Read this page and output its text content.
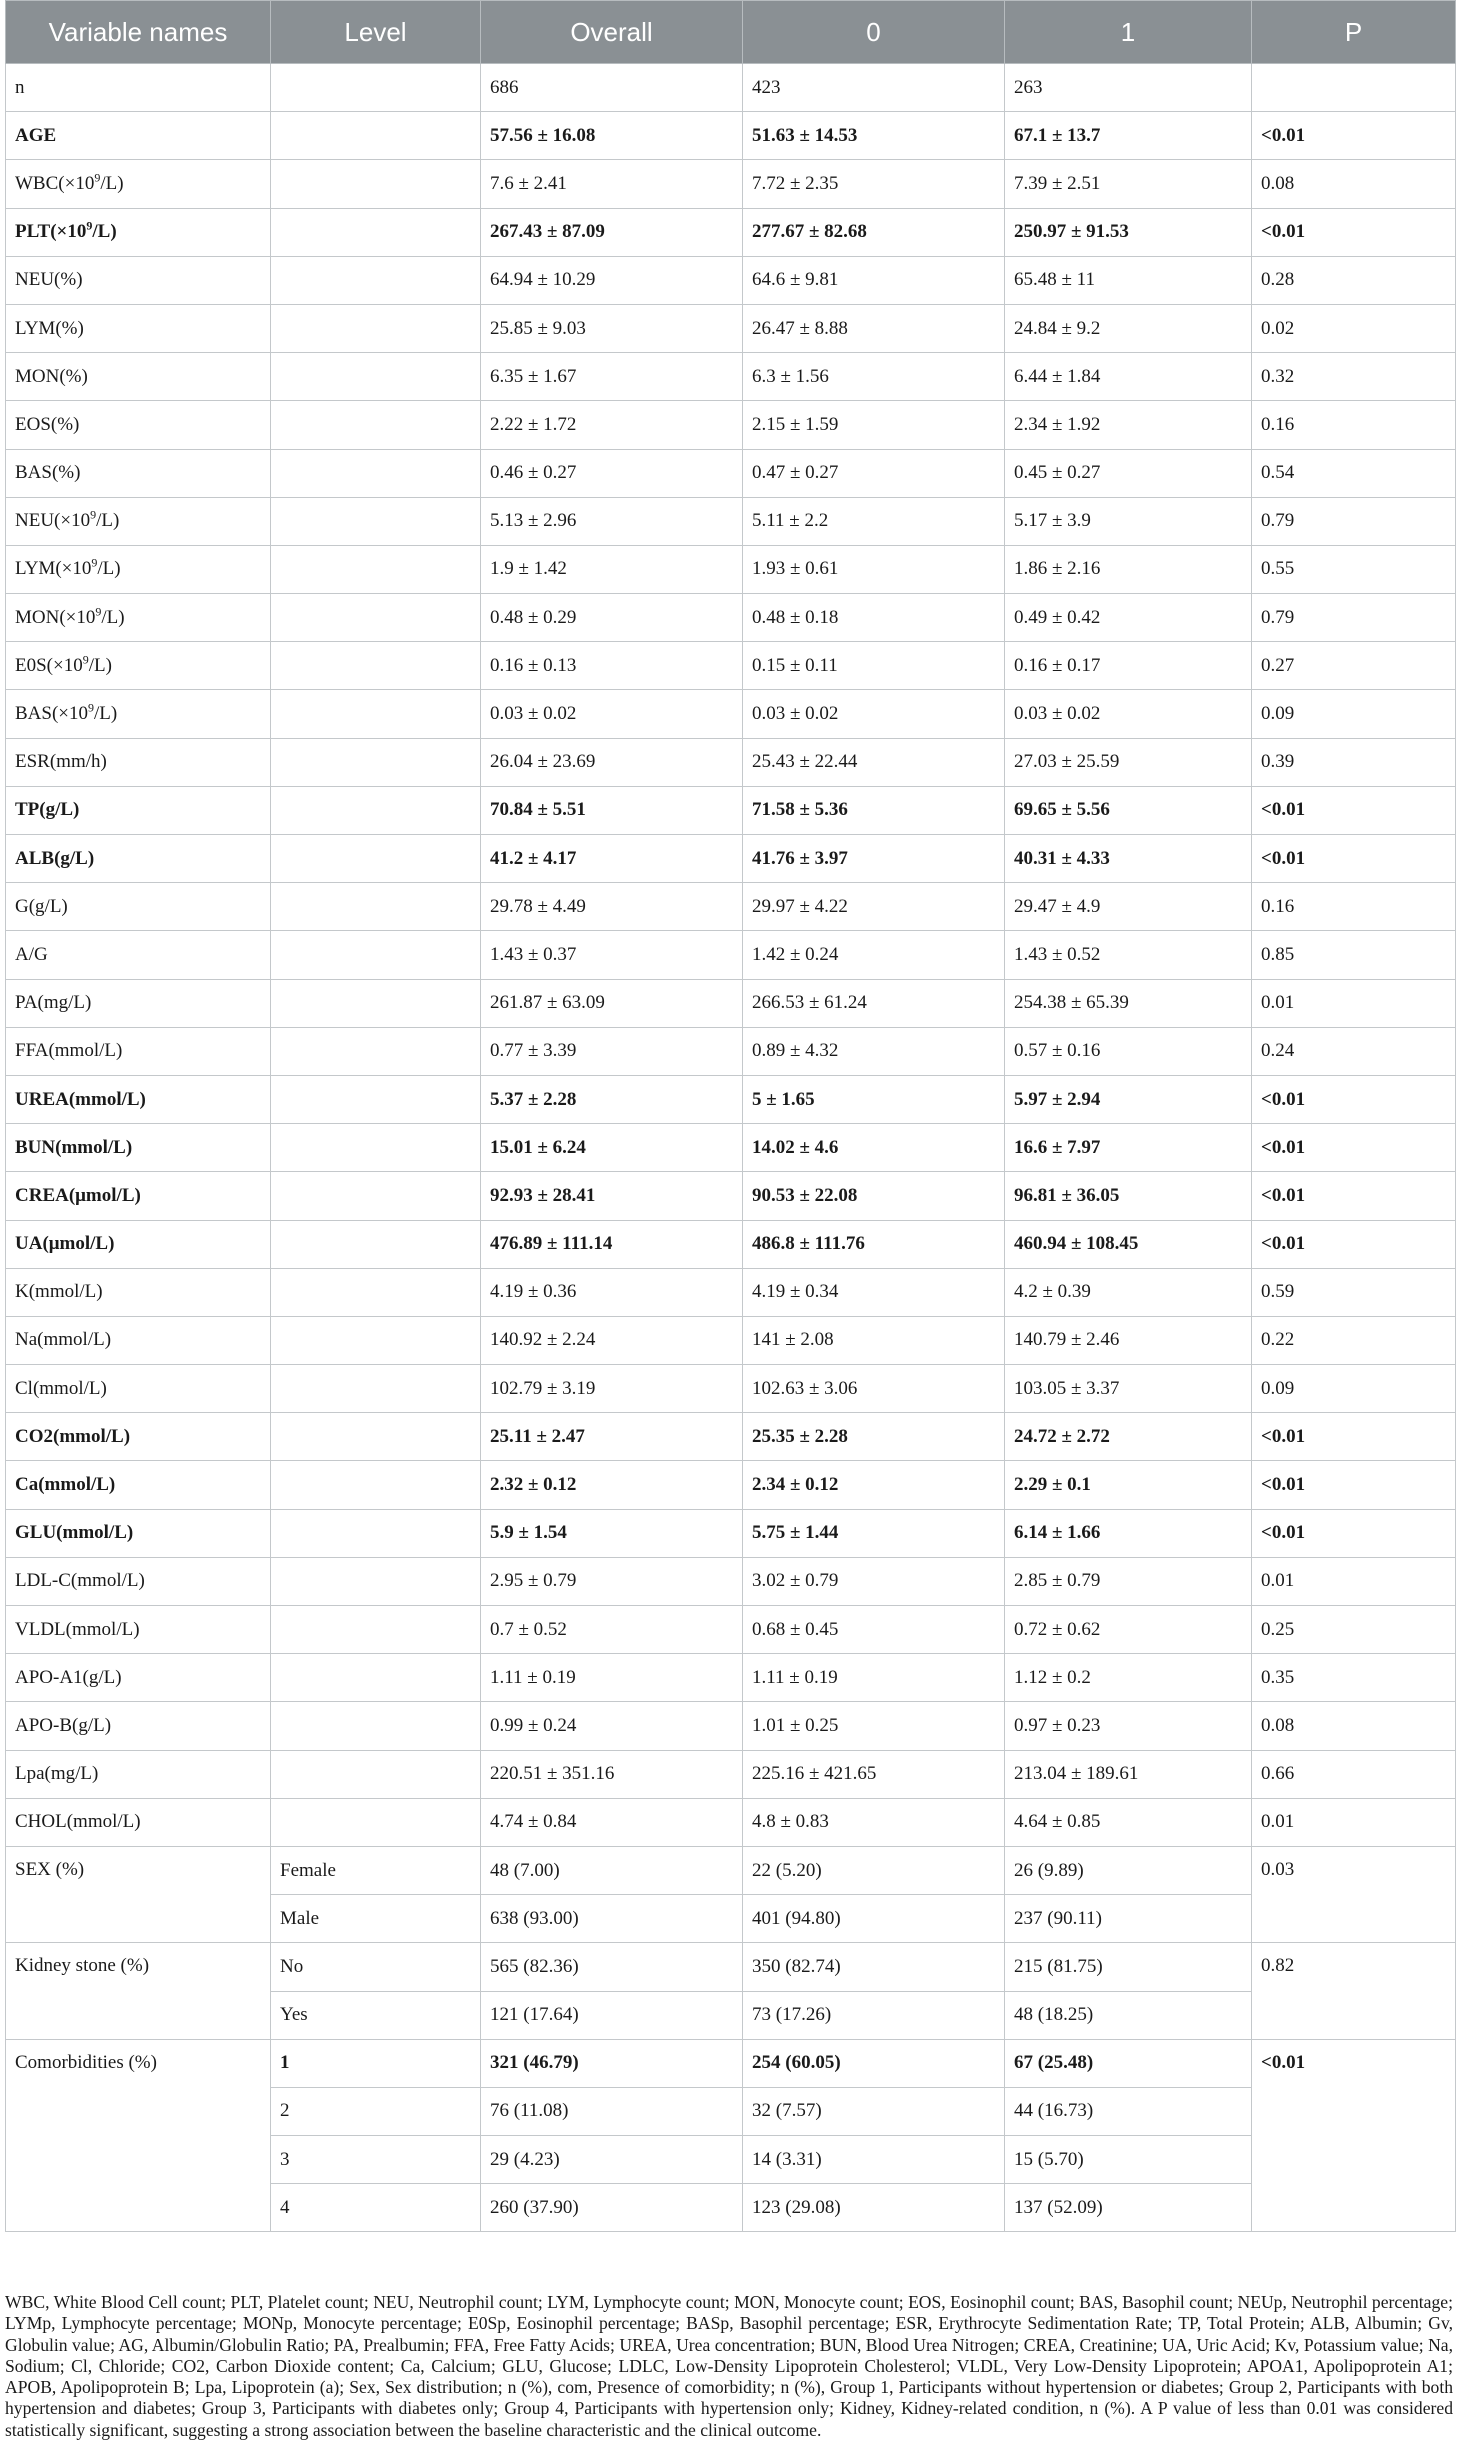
Variable names	Level	Overall	0	1	P
n		686	423	263	
AGE		57.56 ± 16.08	51.63 ± 14.53	67.1 ± 13.7	<0.01
$WBC(\times 10^9/L)$		7.6 ± 2.41	7.72 ± 2.35	7.39 ± 2.51	0.08
$PLT(\times 10^9/L)$		267.43 ± 87.09	277.67 ± 82.68	250.97 ± 91.53	<0.01
NEU(%)		64.94 ± 10.29	64.6 ± 9.81	65.48 ± 11	0.28
LYM(%)		25.85 ± 9.03	26.47 ± 8.88	24.84 ± 9.2	0.02
MON(%)		6.35 ± 1.67	6.3 ± 1.56	6.44 ± 1.84	0.32
EOS(%)		2.22 ± 1.72	2.15 ± 1.59	2.34 ± 1.92	0.16
BAS(%)		0.46 ± 0.27	0.47 ± 0.27	0.45 ± 0.27	0.54
$NEU(\times 10^9/L)$		5.13 ± 2.96	5.11 ± 2.2	5.17 ± 3.9	0.79
$LYM(\times 10^9/L)$		1.9 ± 1.42	1.93 ± 0.61	1.86 ± 2.16	0.55
$MON(\times 10^9/L)$		0.48 ± 0.29	0.48 ± 0.18	0.49 ± 0.42	0.79
$E0S(\times 10^9/L)$		0.16 ± 0.13	0.15 ± 0.11	0.16 ± 0.17	0.27
$BAS(\times 10^9/L)$		0.03 ± 0.02	0.03 ± 0.02	0.03 ± 0.02	0.09
ESR(mm/h)		26.04 ± 23.69	25.43 ± 22.44	27.03 ± 25.59	0.39
TP(g/L)		70.84 ± 5.51	71.58 ± 5.36	69.65 ± 5.56	<0.01
ALB(g/L)		41.2 ± 4.17	41.76 ± 3.97	40.31 ± 4.33	<0.01
G(g/L)		29.78 ± 4.49	29.97 ± 4.22	29.47 ± 4.9	0.16
A/G		1.43 ± 0.37	1.42 ± 0.24	1.43 ± 0.52	0.85
PA(mg/L)		261.87 ± 63.09	266.53 ± 61.24	254.38 ± 65.39	0.01
FFA(mmol/L)		0.77 ± 3.39	0.89 ± 4.32	0.57 ± 0.16	0.24
UREA(mmol/L)		5.37 ± 2.28	5 ± 1.65	5.97 ± 2.94	<0.01
BUN(mmol/L)		15.01 ± 6.24	14.02 ± 4.6	16.6 ± 7.97	<0.01
CREA(μmol/L)		92.93 ± 28.41	90.53 ± 22.08	96.81 ± 36.05	<0.01
UA(μmol/L)		476.89 ± 111.14	486.8 ± 111.76	460.94 ± 108.45	<0.01
K(mmol/L)		4.19 ± 0.36	4.19 ± 0.34	4.2 ± 0.39	0.59
Na(mmol/L)		140.92 ± 2.24	141 ± 2.08	140.79 ± 2.46	0.22
Cl(mmol/L)		102.79 ± 3.19	102.63 ± 3.06	103.05 ± 3.37	0.09
CO2(mmol/L)		25.11 ± 2.47	25.35 ± 2.28	24.72 ± 2.72	<0.01
Ca(mmol/L)		2.32 ± 0.12	2.34 ± 0.12	2.29 ± 0.1	<0.01
GLU(mmol/L)		5.9 ± 1.54	5.75 ± 1.44	6.14 ± 1.66	<0.01
LDL-C(mmol/L)		2.95 ± 0.79	3.02 ± 0.79	2.85 ± 0.79	0.01
VLDL(mmol/L)		0.7 ± 0.52	0.68 ± 0.45	0.72 ± 0.62	0.25
APO-A1(g/L)		1.11 ± 0.19	1.11 ± 0.19	1.12 ± 0.2	0.35
APO-B(g/L)		0.99 ± 0.24	1.01 ± 0.25	0.97 ± 0.23	0.08
Lpa(mg/L)		220.51 ± 351.16	225.16 ± 421.65	213.04 ± 189.61	0.66
CHOL(mmol/L)		4.74 ± 0.84	4.8 ± 0.83	4.64 ± 0.85	0.01
SEX (%)	Female	48 (7.00)	22 (5.20)	26 (9.89)	0.03
	Male	638 (93.00)	401 (94.80)	237 (90.11)	
Kidney stone (%)	No	565 (82.36)	350 (82.74)	215 (81.75)	0.82
	Yes	121 (17.64)	73 (17.26)	48 (18.25)	
Comorbidities (%)	1	321 (46.79)	254 (60.05)	67 (25.48)	<0.01
	2	76 (11.08)	32 (7.57)	44 (16.73)	
	3	29 (4.23)	14 (3.31)	15 (5.70)	
	4	260 (37.90)	123 (29.08)	137 (52.09)	

WBC, White Blood Cell count; PLT, Platelet count; NEU, Neutrophil count; LYM, Lymphocyte count; MON, Monocyte count; EOS, Eosinophil count; BAS, Basophil count; NEUp, Neutrophil percentage; LYMp, Lymphocyte percentage; MONp, Monocyte percentage; E0Sp, Eosinophil percentage; BASp, Basophil percentage; ESR, Erythrocyte Sedimentation Rate; TP, Total Protein; ALB, Albumin; Gv, Globulin value; AG, Albumin/Globulin Ratio; PA, Prealbumin; FFA, Free Fatty Acids; UREA, Urea concentration; BUN, Blood Urea Nitrogen; CREA, Creatinine; UA, Uric Acid; Kv, Potassium value; Na, Sodium; Cl, Chloride; CO2, Carbon Dioxide content; Ca, Calcium; GLU, Glucose; LDLC, Low-Density Lipoprotein Cholesterol; VLDL, Very Low-Density Lipoprotein; APOA1, Apolipoprotein A1; APOB, Apolipoprotein B; Lpa, Lipoprotein (a); Sex, Sex distribution; n (%), com, Presence of comorbidity; n (%), Group 1, Participants without hypertension or diabetes; Group 2, Participants with both hypertension and diabetes; Group 3, Participants with diabetes only; Group 4, Participants with hypertension only; Kidney, Kidney-related condition, n (%). A P value of less than 0.01 was considered statistically significant, suggesting a strong association between the baseline characteristic and the clinical outcome.
